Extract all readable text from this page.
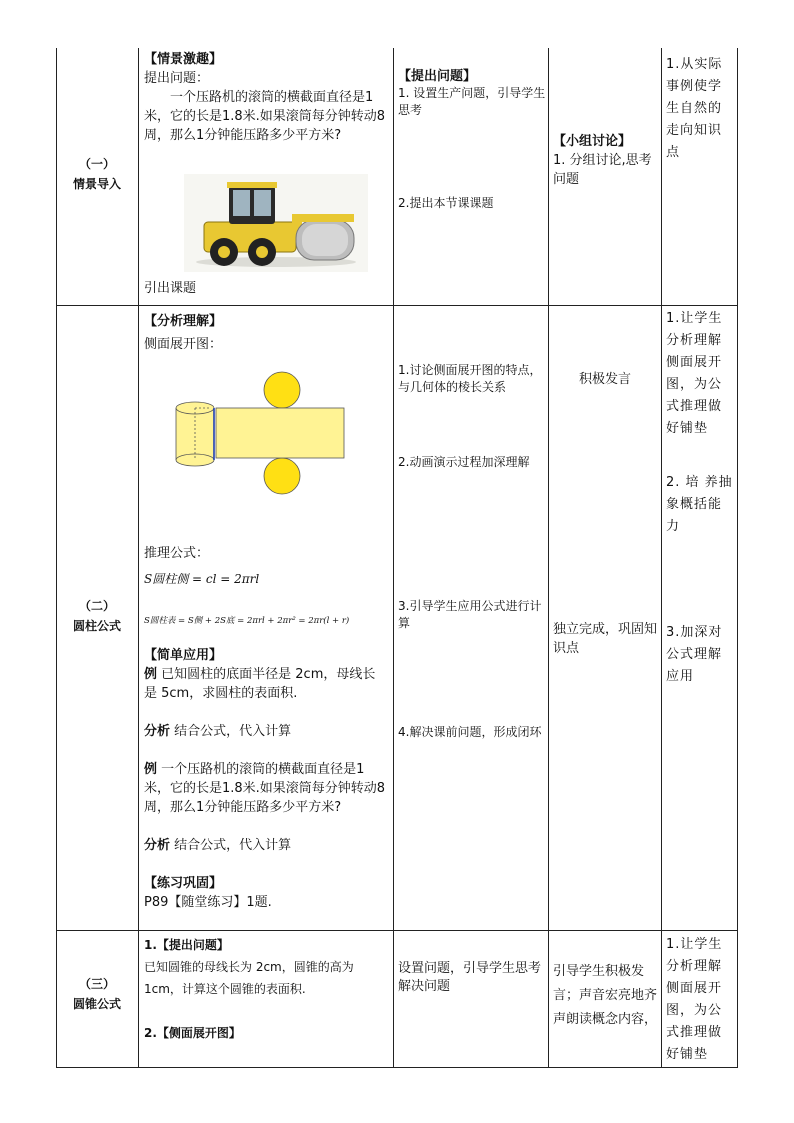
（一）
情景导入

【情景激趣】

提出问题：

　　一个压路机的滚筒的横截面直径是1米，它的长是1.8米.如果滚筒每分钟转动8周，那么1分钟能压路多少平方米?

引出课题

【提出问题】

1. 设置生产问题，引导学生思考

2.提出本节课课题

【小组讨论】

1. 分组讨论,思考问题

1.从实际事例使学生自然的走向知识点
（二）
圆柱公式

【分析理解】

侧面展开图：

推理公式：
S圆柱侧 = cl = 2πrl
S圆柱表 = S侧 + 2S底 = 2πrl + 2πr² = 2πr(l + r)

【简单应用】

例 已知圆柱的底面半径是 2cm，母线长是 5cm，求圆柱的表面积.

分析 结合公式，代入计算

例 一个压路机的滚筒的横截面直径是1米，它的长是1.8米.如果滚筒每分钟转动8周，那么1分钟能压路多少平方米?

分析 结合公式，代入计算

【练习巩固】

P89【随堂练习】1题.

1.讨论侧面展开图的特点，与几何体的棱长关系
2.动画演示过程加深理解
3.引导学生应用公式进行计算
4.解决课前问题，形成闭环
积极发言
独立完成，巩固知识点
1.让学生分析理解侧面展开图，为公式推理做好铺垫
2. 培 养抽象概括能力
3.加深对公式理解应用
（三）
圆锥公式

1.【提出问题】

已知圆锥的母线长为 2cm，圆锥的高为 1cm，计算这个圆锥的表面积.

2.【侧面展开图】

设置问题，引导学生思考解决问题
引导学生积极发言；声音宏亮地齐声朗读概念内容，
1.让学生分析理解侧面展开图，为公式推理做好铺垫
